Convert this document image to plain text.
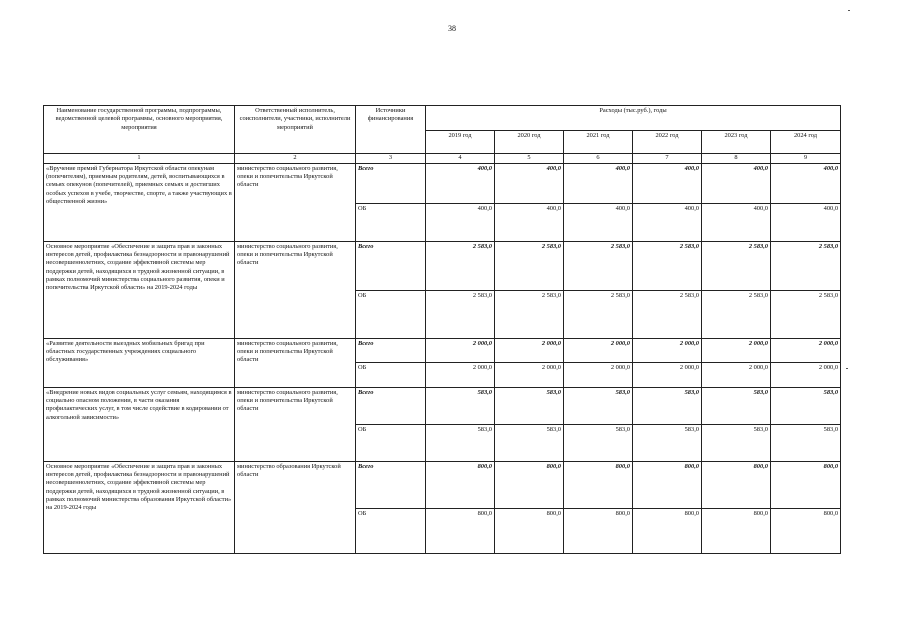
38
Наименование государственной программы, подпрограммы, ведомственной целевой программы, основного мероприятия, мероприятия	Ответственный исполнитель, соисполнители, участники, исполнители мероприятий	Источники финансирования	Расходы (тыс.руб.), годы					
			2019 год	2020 год	2021 год	2022 год	2023 год	2024 год
1	2	3	4	5	6	7	8	9
«Вручение премий Губернатора Иркутской области опекунам (попечителям), приемным родителям, детей, воспитывающихся в семьях опекунов (попечителей), приемных семьях и достигших особых успехов в учебе, творчестве, спорте, а также участвующих в общественной жизни»	министерство социального развития, опеки и попечительства Иркутской области	Всего	400,0	400,0	400,0	400,0	400,0	400,0
		ОБ	400,0	400,0	400,0	400,0	400,0	400,0
Основное мероприятие «Обеспечение и защита прав и законных интересов детей, профилактика безнадзорности и правонарушений несовершеннолетних, создание эффективной системы мер поддержки детей, находящихся в трудной жизненной ситуации, в рамках полномочий министерства социального развития, опеки и попечительства Иркутской области» на 2019-2024 годы	министерство социального развития, опеки и попечительства Иркутской области	Всего	2 583,0	2 583,0	2 583,0	2 583,0	2 583,0	2 583,0
		ОБ	2 583,0	2 583,0	2 583,0	2 583,0	2 583,0	2 583,0
«Развитие деятельности выездных мобильных бригад при областных государственных учреждениях социального обслуживания»	министерство социального развития, опеки и попечительства Иркутской области	Всего	2 000,0	2 000,0	2 000,0	2 000,0	2 000,0	2 000,0
		ОБ	2 000,0	2 000,0	2 000,0	2 000,0	2 000,0	2 000,0
«Внедрение новых видов социальных услуг семьям, находящимся в социально опасном положении, в части оказания профилактических услуг, в том числе содействие в кодировании от алкогольной зависимости»	министерство социального развития, опеки и попечительства Иркутской области	Всего	583,0	583,0	583,0	583,0	583,0	583,0
		ОБ	583,0	583,0	583,0	583,0	583,0	583,0
Основное мероприятие «Обеспечение и защита прав и законных интересов детей, профилактика безнадзорности и правонарушений несовершеннолетних, создание эффективной системы мер поддержки детей, находящихся в трудной жизненной ситуации, в рамках полномочий министерства образования Иркутской области» на 2019-2024 годы	министерство образования Иркутской области	Всего	800,0	800,0	800,0	800,0	800,0	800,0
		ОБ	800,0	800,0	800,0	800,0	800,0	800,0
